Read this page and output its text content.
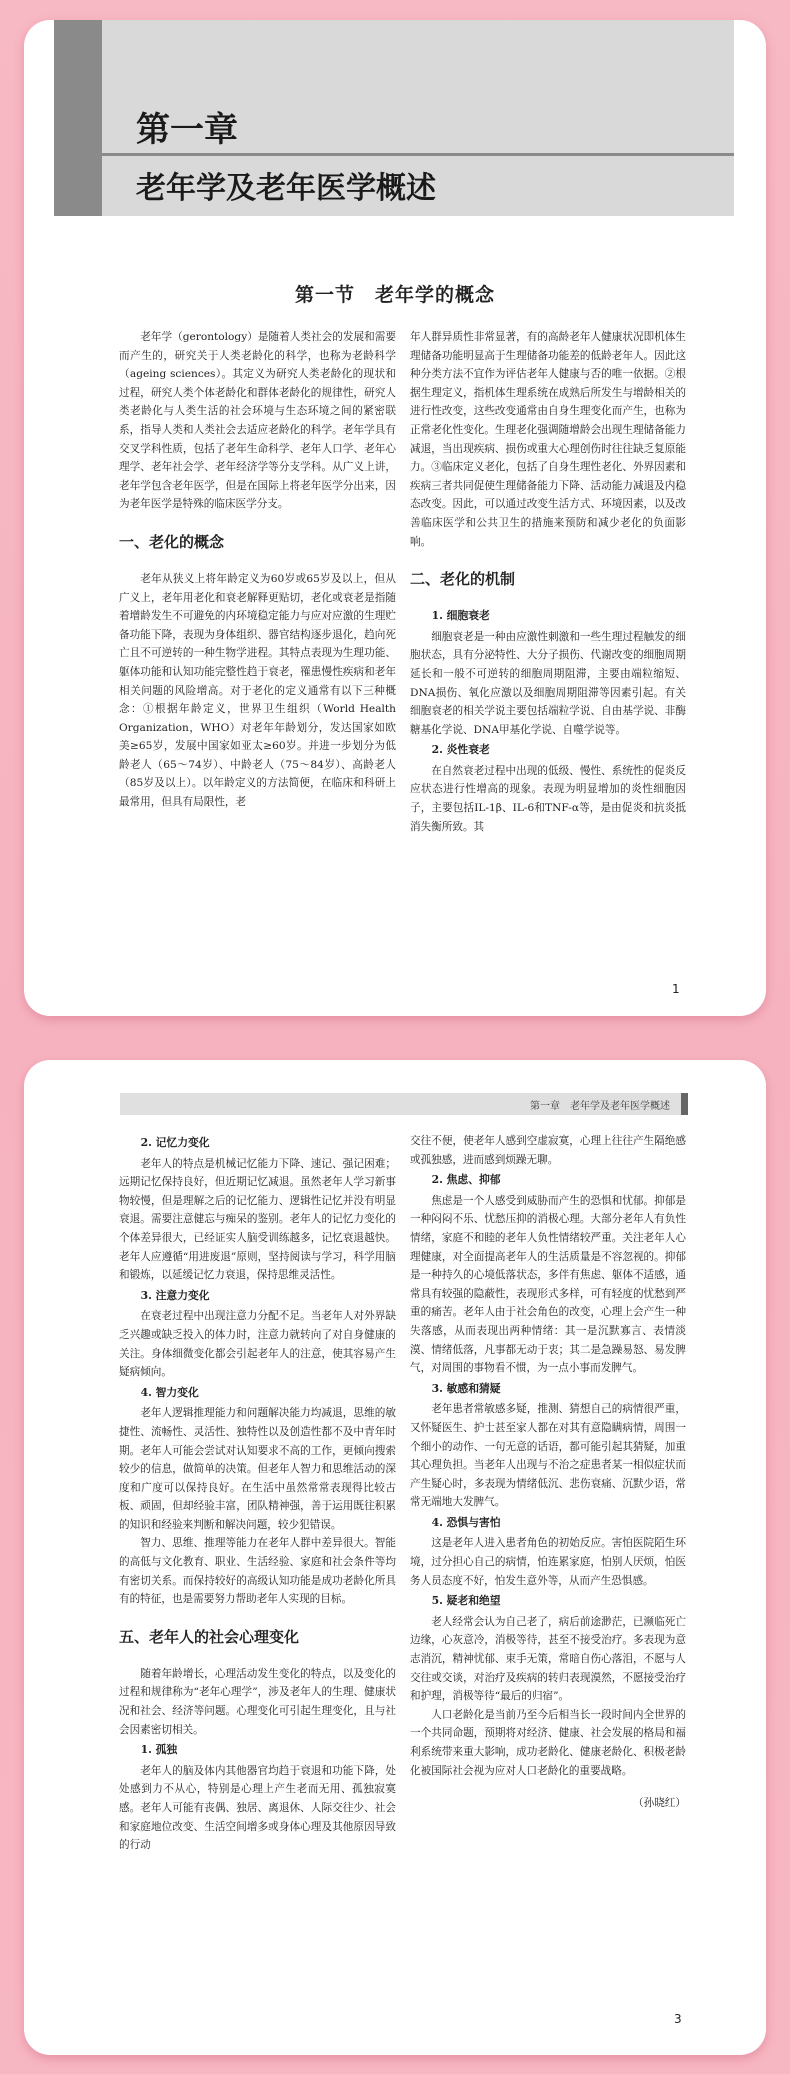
第一章
老年学及老年医学概述
第一节　老年学的概念

老年学（gerontology）是随着人类社会的发展和需要而产生的，研究关于人类老龄化的科学，也称为老龄科学（ageing sciences）。其定义为研究人类老龄化的现状和过程，研究人类个体老龄化和群体老龄化的规律性，研究人类老龄化与人类生活的社会环境与生态环境之间的紧密联系，指导人类和人类社会去适应老龄化的科学。老年学具有交叉学科性质，包括了老年生命科学、老年人口学、老年心理学、老年社会学、老年经济学等分支学科。从广义上讲，老年学包含老年医学，但是在国际上将老年医学分出来，因为老年医学是特殊的临床医学分支。

一、老化的概念

老年从狭义上将年龄定义为60岁或65岁及以上，但从广义上，老年用老化和衰老解释更贴切，老化或衰老是指随着增龄发生不可避免的内环境稳定能力与应对应激的生理贮备功能下降，表现为身体组织、器官结构逐步退化，趋向死亡且不可逆转的一种生物学进程。其特点表现为生理功能、躯体功能和认知功能完整性趋于衰老，罹患慢性疾病和老年相关问题的风险增高。对于老化的定义通常有以下三种概念：①根据年龄定义，世界卫生组织（World Health Organization，WHO）对老年年龄划分，发达国家如欧美≥65岁，发展中国家如亚太≥60岁。并进一步划分为低龄老人（65～74岁）、中龄老人（75～84岁）、高龄老人（85岁及以上）。以年龄定义的方法简便，在临床和科研上最常用，但具有局限性，老

年人群异质性非常显著，有的高龄老年人健康状况即机体生理储备功能明显高于生理储备功能差的低龄老年人。因此这种分类方法不宜作为评估老年人健康与否的唯一依据。②根据生理定义，指机体生理系统在成熟后所发生与增龄相关的进行性改变，这些改变通常由自身生理变化而产生，也称为正常老化性变化。生理老化强调随增龄会出现生理储备能力减退，当出现疾病、损伤或重大心理创伤时往往缺乏复原能力。③临床定义老化，包括了自身生理性老化、外界因素和疾病三者共同促使生理储备能力下降、活动能力减退及内稳态改变。因此，可以通过改变生活方式、环境因素，以及改善临床医学和公共卫生的措施来预防和减少老化的负面影响。

二、老化的机制
1. 细胞衰老

细胞衰老是一种由应激性刺激和一些生理过程触发的细胞状态，具有分泌特性、大分子损伤、代谢改变的细胞周期延长和一般不可逆转的细胞周期阻滞，主要由端粒缩短、DNA损伤、氧化应激以及细胞周期阻滞等因素引起。有关细胞衰老的相关学说主要包括端粒学说、自由基学说、非酶糖基化学说、DNA甲基化学说、自噬学说等。

2. 炎性衰老

在自然衰老过程中出现的低级、慢性、系统性的促炎反应状态进行性增高的现象。表现为明显增加的炎性细胞因子，主要包括IL-1β、IL-6和TNF-α等，是由促炎和抗炎抵消失衡所致。其

1
第一章　老年学及老年医学概述
2. 记忆力变化

老年人的特点是机械记忆能力下降、速记、强记困难；远期记忆保持良好，但近期记忆减退。虽然老年人学习新事物较慢，但是理解之后的记忆能力、逻辑性记忆并没有明显衰退。需要注意健忘与痴呆的鉴别。老年人的记忆力变化的个体差异很大，已经证实人脑受训练越多，记忆衰退越快。老年人应遵循“用进废退”原则，坚持阅读与学习，科学用脑和锻炼，以延缓记忆力衰退，保持思维灵活性。

3. 注意力变化

在衰老过程中出现注意力分配不足。当老年人对外界缺乏兴趣或缺乏投入的体力时，注意力就转向了对自身健康的关注。身体细微变化都会引起老年人的注意，使其容易产生疑病倾向。

4. 智力变化

老年人逻辑推理能力和问题解决能力均减退，思维的敏捷性、流畅性、灵活性、独特性以及创造性都不及中青年时期。老年人可能会尝试对认知要求不高的工作，更倾向搜索较少的信息，做简单的决策。但老年人智力和思维活动的深度和广度可以保持良好。在生活中虽然常常表现得比较古板、顽固，但却经验丰富，团队精神强，善于运用既往积累的知识和经验来判断和解决问题，较少犯错误。

智力、思维、推理等能力在老年人群中差异很大。智能的高低与文化教育、职业、生活经验、家庭和社会条件等均有密切关系。而保持较好的高级认知功能是成功老龄化所具有的特征，也是需要努力帮助老年人实现的目标。

五、老年人的社会心理变化

随着年龄增长，心理活动发生变化的特点，以及变化的过程和规律称为“老年心理学”，涉及老年人的生理、健康状况和社会、经济等问题。心理变化可引起生理变化，且与社会因素密切相关。

1. 孤独

老年人的脑及体内其他器官均趋于衰退和功能下降，处处感到力不从心，特别是心理上产生老而无用、孤独寂寞感。老年人可能有丧偶、独居、离退休、人际交往少、社会和家庭地位改变、生活空间增多或身体心理及其他原因导致的行动

交往不便，使老年人感到空虚寂寞，心理上往往产生隔绝感或孤独感，进而感到烦躁无聊。

2. 焦虑、抑郁

焦虑是一个人感受到威胁而产生的恐惧和忧郁。抑郁是一种闷闷不乐、忧愁压抑的消极心理。大部分老年人有负性情绪，家庭不和睦的老年人负性情绪较严重。关注老年人心理健康，对全面提高老年人的生活质量是不容忽视的。抑郁是一种持久的心境低落状态，多伴有焦虑、躯体不适感，通常具有较强的隐蔽性，表现形式多样，可有轻度的忧愁到严重的痛苦。老年人由于社会角色的改变，心理上会产生一种失落感，从而表现出两种情绪：其一是沉默寡言、表情淡漠、情绪低落，凡事都无动于衷；其二是急躁易怒、易发脾气，对周围的事物看不惯，为一点小事而发脾气。

3. 敏感和猜疑

老年患者常敏感多疑，推测、猜想自己的病情很严重，又怀疑医生、护士甚至家人都在对其有意隐瞒病情，周围一个细小的动作、一句无意的话语，都可能引起其猜疑，加重其心理负担。当老年人出现与不治之症患者某一相似症状而产生疑心时，多表现为情绪低沉、悲伤衰痛、沉默少语，常常无端地大发脾气。

4. 恐惧与害怕

这是老年人进入患者角色的初始反应。害怕医院陌生环境，过分担心自己的病情，怕连累家庭，怕别人厌烦，怕医务人员态度不好，怕发生意外等，从而产生恐惧感。

5. 疑老和绝望

老人经常会认为自己老了，病后前途渺茫，已濒临死亡边缘，心灰意冷，消极等待，甚至不接受治疗。多表现为意志消沉，精神忧郁、束手无策，常暗自伤心落泪，不愿与人交往或交谈，对治疗及疾病的转归表现漠然，不愿接受治疗和护理，消极等待“最后的归宿”。

人口老龄化是当前乃至今后相当长一段时间内全世界的一个共同命题，预期将对经济、健康、社会发展的格局和福利系统带来重大影响，成功老龄化、健康老龄化、积极老龄化被国际社会视为应对人口老龄化的重要战略。

（孙晓红）
3
